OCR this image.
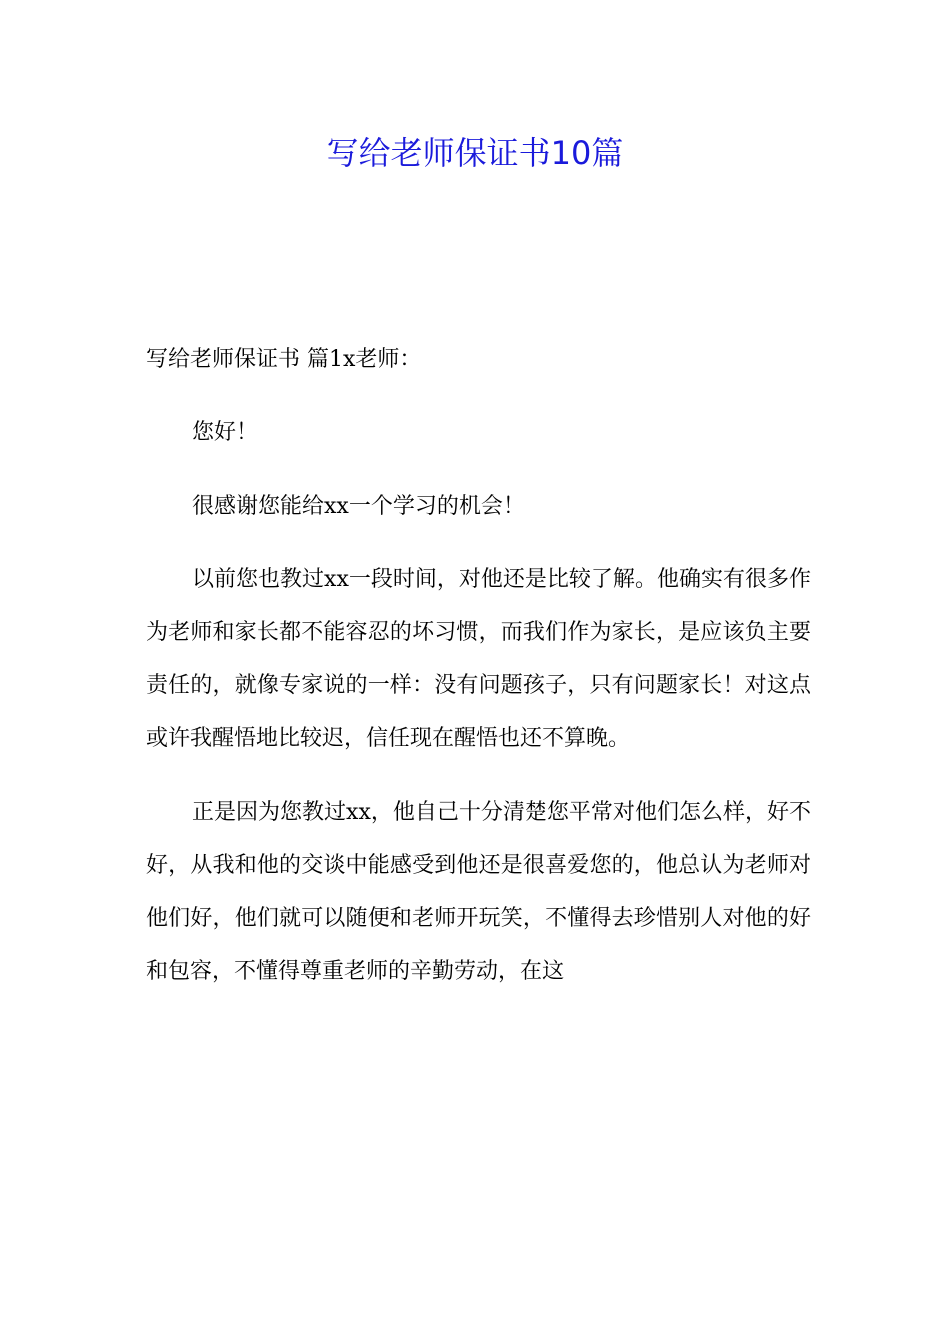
写给老师保证书10篇

写给老师保证书 篇1x老师：

您好！

很感谢您能给xx一个学习的机会！

以前您也教过xx一段时间，对他还是比较了解。他确实有很多作为老师和家长都不能容忍的坏习惯，而我们作为家长，是应该负主要责任的，就像专家说的一样：没有问题孩子，只有问题家长！对这点或许我醒悟地比较迟，信任现在醒悟也还不算晚。

正是因为您教过xx，他自己十分清楚您平常对他们怎么样，好不好，从我和他的交谈中能感受到他还是很喜爱您的，他总认为老师对他们好，他们就可以随便和老师开玩笑，不懂得去珍惜别人对他的好和包容，不懂得尊重老师的辛勤劳动，在这
